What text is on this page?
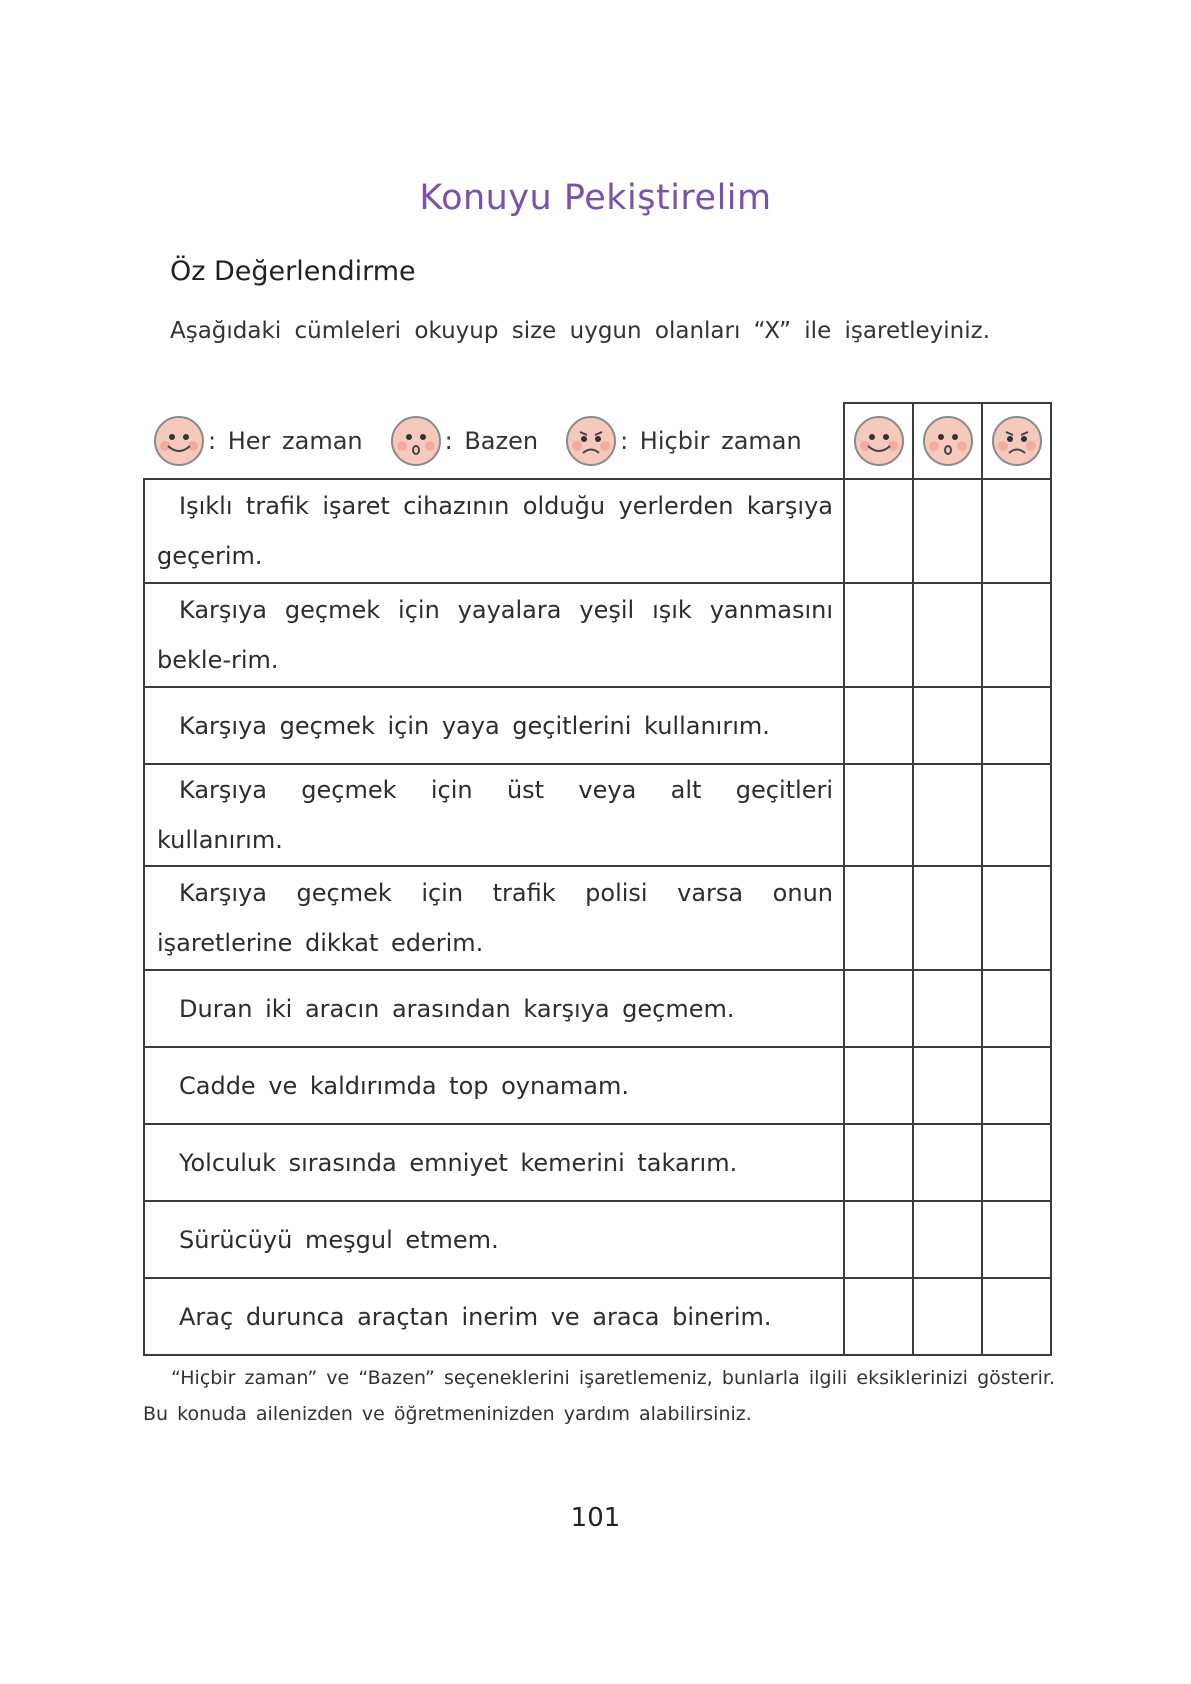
Konuyu Pekiştirelim
Öz Değerlendirme
Aşağıdaki cümleleri okuyup size uygun olanları “X” ile işaretleyiniz.
: Her zaman : Bazen : Hiçbir zaman

Işıklı trafik işaret cihazının olduğu yerlerden karşıya geçerim.			

Karşıya geçmek için yayalara yeşil ışık yanmasını bekle-rim.			

Karşıya geçmek için yaya geçitlerini kullanırım.			

Karşıya geçmek için üst veya alt geçitleri kullanırım.			

Karşıya geçmek için trafik polisi varsa onun işaretlerine dikkat ederim.			

Duran iki aracın arasından karşıya geçmem.			

Cadde ve kaldırımda top oynamam.			

Yolculuk sırasında emniyet kemerini takarım.			

Sürücüyü meşgul etmem.			

Araç durunca araçtan inerim ve araca binerim.			

“Hiçbir zaman” ve “Bazen” seçeneklerini işaretlemeniz, bunlarla ilgili eksiklerinizi gösterir. Bu konuda ailenizden ve öğretmeninizden yardım alabilirsiniz.
101
